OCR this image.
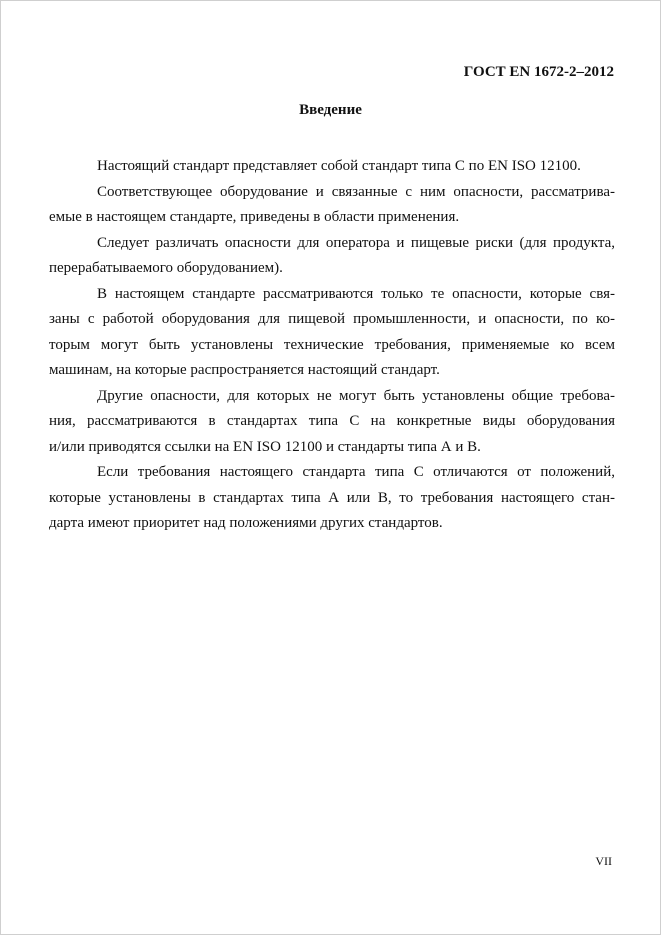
ГОСТ EN 1672-2–2012
Введение

Настоящий стандарт представляет собой стандарт типа С по EN ISO 12100.

Соответствующее оборудование и связанные с ним опасности, рассматрива-
емые в настоящем стандарте, приведены в области применения.

Следует различать опасности для оператора и пищевые риски (для продукта,
перерабатываемого оборудованием).

В настоящем стандарте рассматриваются только те опасности, которые свя-
заны с работой оборудования для пищевой промышленности, и опасности, по ко-
торым могут быть установлены технические требования, применяемые ко всем
машинам, на которые распространяется настоящий стандарт.

Другие опасности, для которых не могут быть установлены общие требова-
ния, рассматриваются в стандартах типа С на конкретные виды оборудования
и/или приводятся ссылки на EN ISO 12100 и стандарты типа А и В.

Если требования настоящего стандарта типа С отличаются от положений,
которые установлены в стандартах типа А или В, то требования настоящего стан-
дарта имеют приоритет над положениями других стандартов.

VII
